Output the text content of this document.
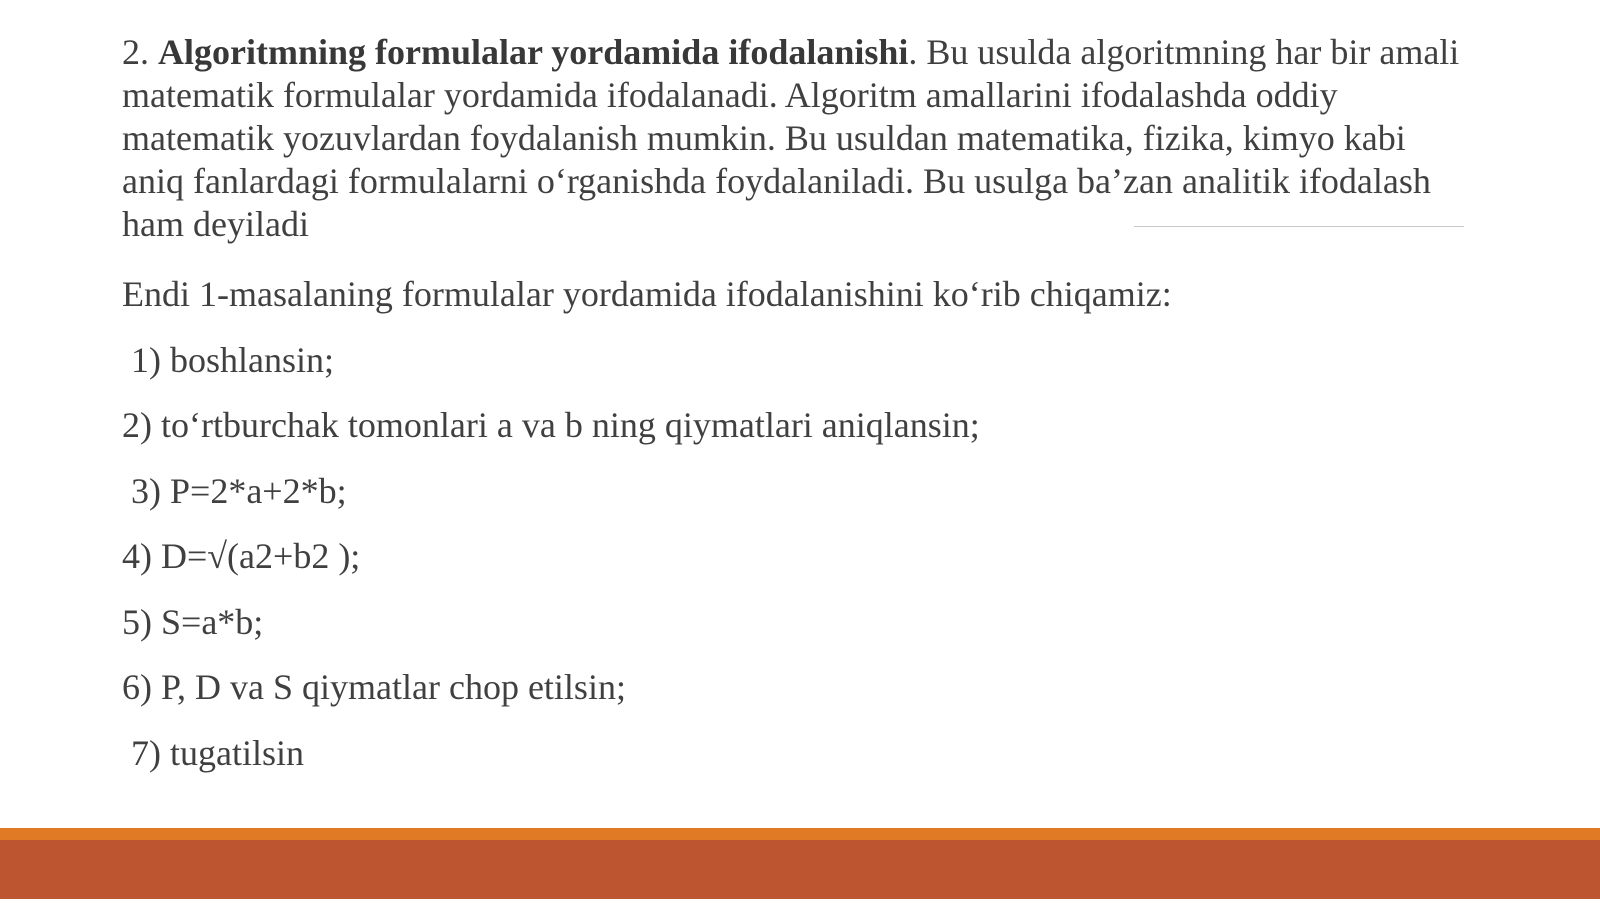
2. Algoritmning formulalar yordamida ifodalanishi. Bu usulda algoritmning har bir amali matematik formulalar yordamida ifodalanadi. Algoritm amallarini ifodalashda oddiy matematik yozuvlardan foydalanish mumkin. Bu usuldan matematika, fizika, kimyo kabi aniq fanlardagi formulalarni o‘rganishda foydalaniladi. Bu usulga ba’zan analitik ifodalash ham deyiladi

Endi 1-masalaning formulalar yordamida ifodalanishini ko‘rib chiqamiz:

1) boshlansin;

2) to‘rtburchak tomonlari a va b ning qiymatlari aniqlansin;

3) P=2*a+2*b;

4) D=√(a2+b2 );

5) S=a*b;

6) P, D va S qiymatlar chop etilsin;

7) tugatilsin
